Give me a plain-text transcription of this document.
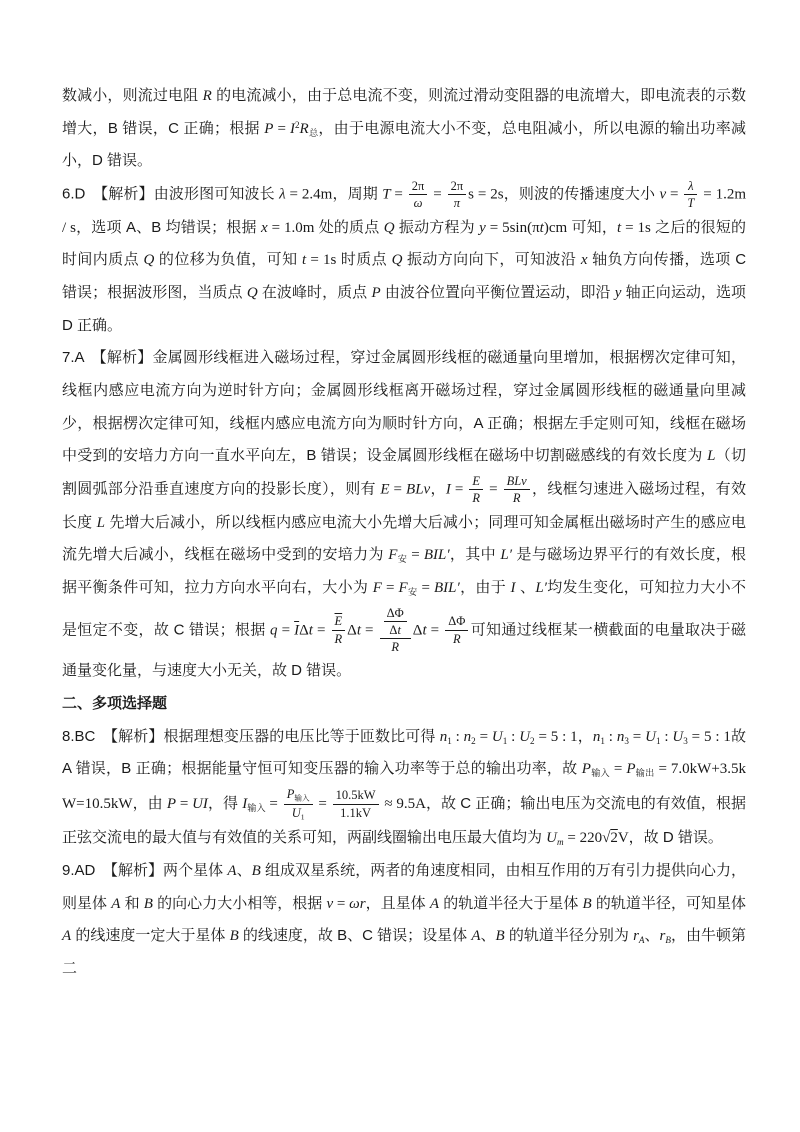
数减小，则流过电阻 R 的电流减小，由于总电流不变，则流过滑动变阻器的电流增大，即电流表的示数增大，B 错误，C 正确；根据 $P = I^2R_总$，由于电源电流大小不变，总电阻减小，所以电源的输出功率减小，D 错误。
6.D　【解析】由波形图可知波长 λ = 2.4m，周期 $T = \frac{2\pi}{\omega} = \frac{2\pi}{\pi}$ s = 2s，则波的传播速度大小 $v = \frac{\lambda}{T} = 1.2m / s$，选项 A、B 均错误；根据 x = 1.0m 处的质点 Q 振动方程为 y = 5sin(πt)cm 可知，t = 1s 之后的很短的时间内质点 Q 的位移为负值，可知 t = 1s 时质点 Q 振动方向向下，可知波沿 x 轴负方向传播，选项 C 错误；根据波形图，当质点 Q 在波峰时，质点 P 由波谷位置向平衡位置运动，即沿 y 轴正向运动，选项 D 正确。
7.A　【解析】金属圆形线框进入磁场过程，穿过金属圆形线框的磁通量向里增加，根据楞次定律可知，线框内感应电流方向为逆时针方向；金属圆形线框离开磁场过程，穿过金属圆形线框的磁通量向里减少，根据楞次定律可知，线框内感应电流方向为顺时针方向，A 正确；根据左手定则可知，线框在磁场中受到的安培力方向一直水平向左，B 错误；设金属圆形线框在磁场中切割磁感线的有效长度为 L（切割圆弧部分沿垂直速度方向的投影长度），则有 E = BLv，$I = \frac{E}{R} = \frac{\text{BLv}}{R}$ ，线框匀速进入磁场过程，有效长度 L 先增大后减小，所以线框内感应电流大小先增大后减小；同理可知金属框出磁场时产生的感应电流先增大后减小，线框在磁场中受到的安培力为 $F_安 = BIL'$，其中 L′ 是与磁场边界平行的有效长度，根据平衡条件可知，拉力方向水平向右，大小为 $F = F_安 = BIL'$，由于 I 、L′均发生变化，可知拉力大小不是恒定不变，故 C 错误；根据 $q = \overline{I}\Delta t = \frac{\overline{E}}{R}$ $\Delta t = \frac{\frac{\Delta\Phi}{\Delta t}}{R}$ $\Delta t = \frac{\Delta\Phi}{R}$ 可知通过线框某一横截面的电量取决于磁通量变化量，与速度大小无关，故 D 错误。
二、多项选择题
8.BC　【解析】根据理想变压器的电压比等于匝数比可得 $n_1$ : $n_2 = U_1$ : $U_2 = 5$ : 1，$n_1$ : $n_3 = U_1$ : $U_3 = 5$ : 1故 A 错误，B 正确；根据能量守恒可知变压器的输入功率等于总的输出功率，故 $P_{输入} = P_{输出} = 7.0kW+3.5kW=10.5kW$，由 P = UI，得 $I_{输入} = \frac{P_{输入}}{U_1} = \frac{10.5kW}{1.1kV} \approx 9.5A$，故 C 正确；输出电压为交流电的有效值，根据正弦交流电的最大值与有效值的关系可知，两副线圈输出电压最大值均为 $U_m = 220√2V$，故 D 错误。
9.AD　【解析】两个星体 A、B 组成双星系统，两者的角速度相同，由相互作用的万有引力提供向心力，则星体 A 和 B 的向心力大小相等，根据 v = ωr，且星体 A 的轨道半径大于星体 B 的轨道半径，可知星体 A 的线速度一定大于星体 B 的线速度，故 B、C 错误；设星体 A、B 的轨道半径分别为 $r_A$、$r_B$，由牛顿第二
